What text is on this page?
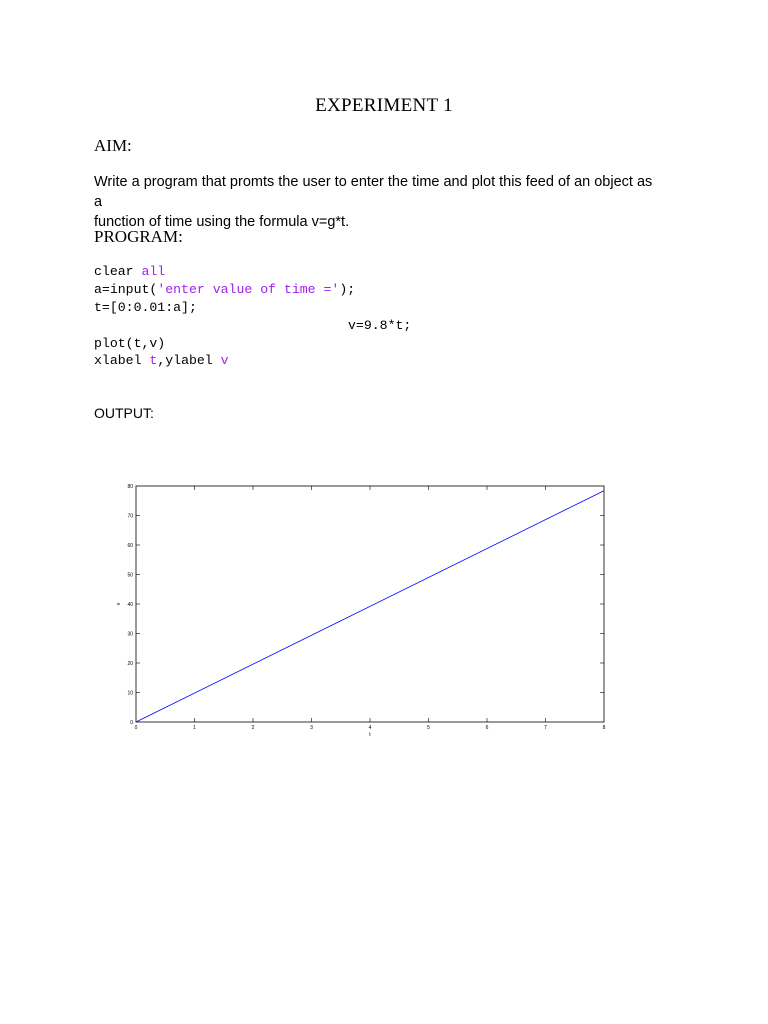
EXPERIMENT 1
AIM:
Write a program that promts the user to enter the time and plot this feed of an object as a
function of time using the formula v=g*t.
PROGRAM:
clear all
a=input('enter value of time =');
t=[0:0.01:a];
v=9.8*t;
plot(t,v)
xlabel t,ylabel v
OUTPUT:
0	1	2	3	4	5	6	7	8
0
10
20
30
40
50
60
70
80
t
v
